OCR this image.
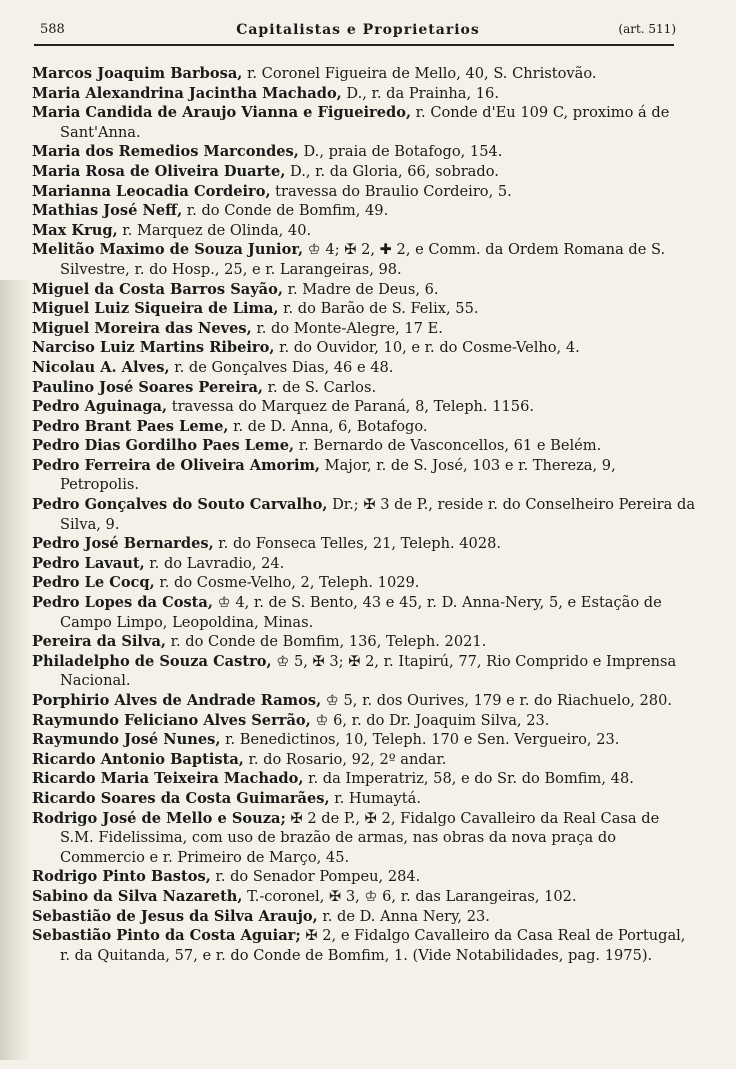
588	Capitalistas e Proprietarios	(art. 511)

Marcos Joaquim Barbosa, r. Coronel Figueira de Mello, 40, S. Christovão.

Maria Alexandrina Jacintha Machado, D., r. da Prainha, 16.

Maria Candida de Araujo Vianna e Figueiredo, r. Conde d'Eu 109 C, proximo á de Sant'Anna.

Maria dos Remedios Marcondes, D., praia de Botafogo, 154.

Maria Rosa de Oliveira Duarte, D., r. da Gloria, 66, sobrado.

Marianna Leocadia Cordeiro, travessa do Braulio Cordeiro, 5.

Mathias José Neff, r. do Conde de Bomfim, 49.

Max Krug, r. Marquez de Olinda, 40.

Melitão Maximo de Souza Junior, ♔ 4; ✠ 2, ✚ 2, e Comm. da Ordem Romana de S. Silvestre, r. do Hosp., 25, e r. Larangeiras, 98.

Miguel da Costa Barros Sayão, r. Madre de Deus, 6.

Miguel Luiz Siqueira de Lima, r. do Barão de S. Felix, 55.

Miguel Moreira das Neves, r. do Monte-Alegre, 17 E.

Narciso Luiz Martins Ribeiro, r. do Ouvidor, 10, e r. do Cosme-Velho, 4.

Nicolau A. Alves, r. de Gonçalves Dias, 46 e 48.

Paulino José Soares Pereira, r. de S. Carlos.

Pedro Aguinaga, travessa do Marquez de Paraná, 8, Teleph. 1156.

Pedro Brant Paes Leme, r. de D. Anna, 6, Botafogo.

Pedro Dias Gordilho Paes Leme, r. Bernardo de Vasconcellos, 61 e Belém.

Pedro Ferreira de Oliveira Amorim, Major, r. de S. José, 103 e r. Thereza, 9, Petropolis.

Pedro Gonçalves do Souto Carvalho, Dr.; ✠ 3 de P., reside r. do Conselheiro Pereira da Silva, 9.

Pedro José Bernardes, r. do Fonseca Telles, 21, Teleph. 4028.

Pedro Lavaut, r. do Lavradio, 24.

Pedro Le Cocq, r. do Cosme-Velho, 2, Teleph. 1029.

Pedro Lopes da Costa, ♔ 4, r. de S. Bento, 43 e 45, r. D. Anna-Nery, 5, e Estação de Campo Limpo, Leopoldina, Minas.

Pereira da Silva, r. do Conde de Bomfim, 136, Teleph. 2021.

Philadelpho de Souza Castro, ♔ 5, ✠ 3; ✠ 2, r. Itapirú, 77, Rio Comprido e Imprensa Nacional.

Porphirio Alves de Andrade Ramos, ♔ 5, r. dos Ourives, 179 e r. do Riachuelo, 280.

Raymundo Feliciano Alves Serrão, ♔ 6, r. do Dr. Joaquim Silva, 23.

Raymundo José Nunes, r. Benedictinos, 10, Teleph. 170 e Sen. Vergueiro, 23.

Ricardo Antonio Baptista, r. do Rosario, 92, 2º andar.

Ricardo Maria Teixeira Machado, r. da Imperatriz, 58, e do Sr. do Bomfim, 48.

Ricardo Soares da Costa Guimarães, r. Humaytá.

Rodrigo José de Mello e Souza; ✠ 2 de P., ✠ 2, Fidalgo Cavalleiro da Real Casa de S.M. Fidelissima, com uso de brazão de armas, nas obras da nova praça do Commercio e r. Primeiro de Março, 45.

Rodrigo Pinto Bastos, r. do Senador Pompeu, 284.

Sabino da Silva Nazareth, T.-coronel, ✠ 3, ♔ 6, r. das Larangeiras, 102.

Sebastião de Jesus da Silva Araujo, r. de D. Anna Nery, 23.

Sebastião Pinto da Costa Aguiar; ✠ 2, e Fidalgo Cavalleiro da Casa Real de Portugal, r. da Quitanda, 57, e r. do Conde de Bomfim, 1. (Vide Notabilidades, pag. 1975).
